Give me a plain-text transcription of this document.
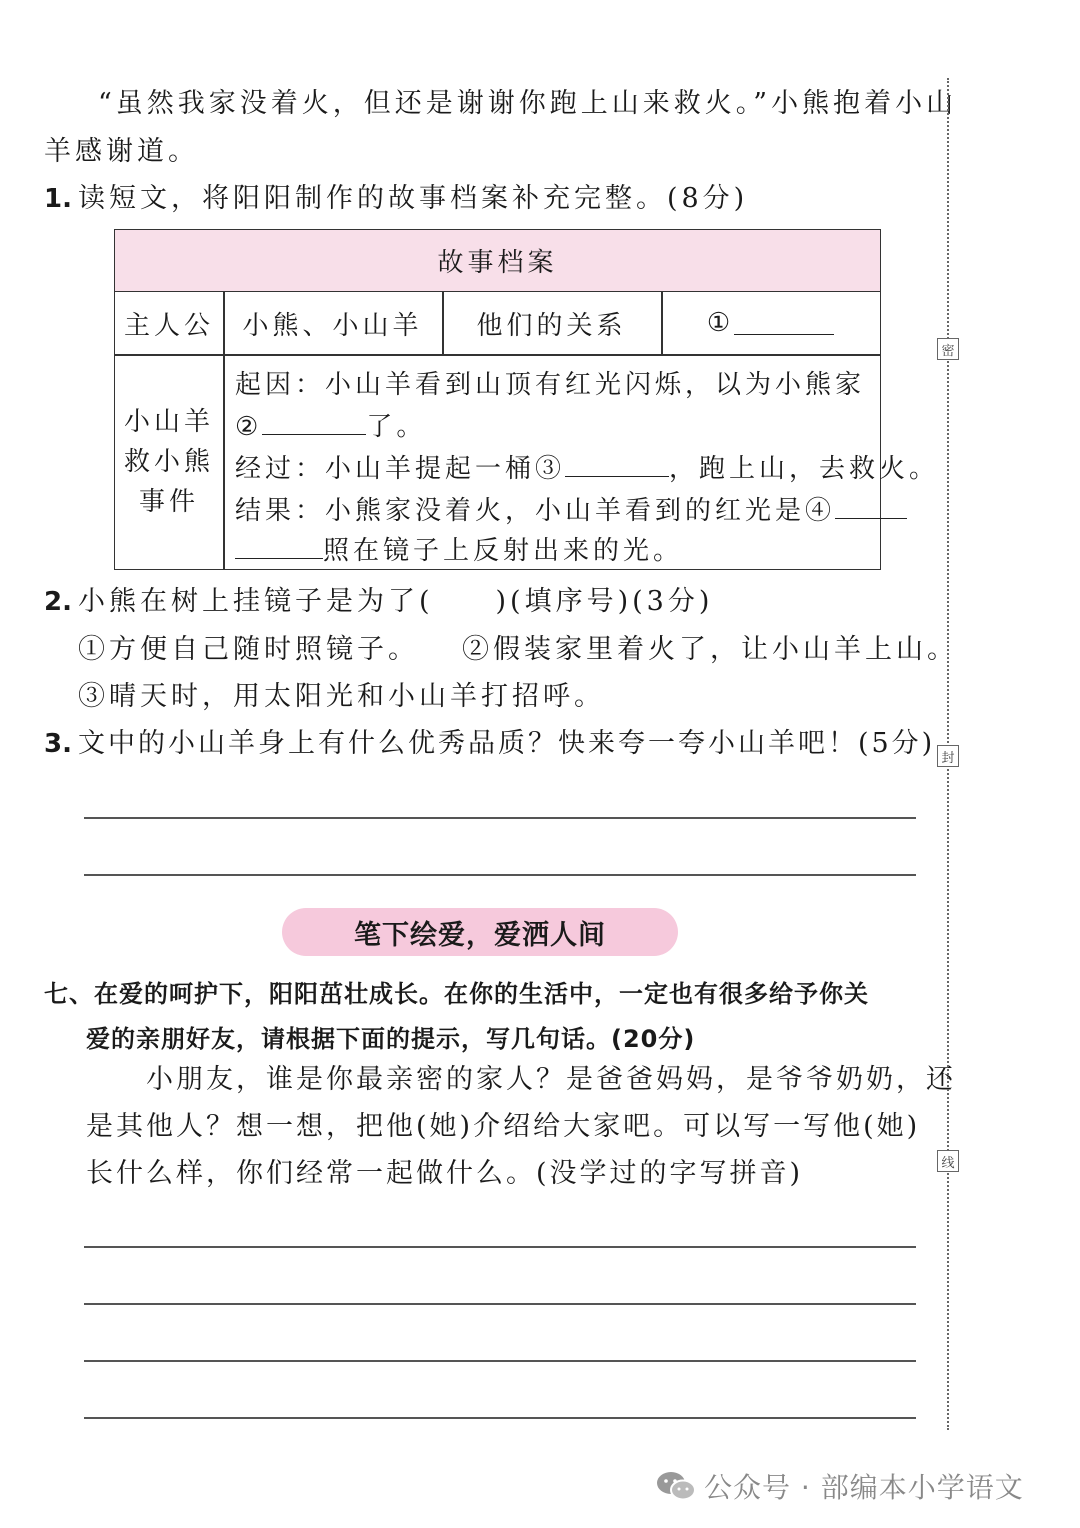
“虽然我家没着火，但还是谢谢你跑上山来救火。”小熊抱着小山
羊感谢道。
1. 读短文，将阳阳制作的故事档案补充完整。(8分)
故事档案
主人公	小熊、小山羊	他们的关系	①
小山羊
救小熊
事件
起因：小山羊看到山顶有红光闪烁，以为小熊家
②	了。
经过：小山羊提起一桶③	，跑上山，去救火。
结果：小熊家没着火，小山羊看到的红光是④
照在镜子上反射出来的光。
2. 小熊在树上挂镜子是为了(　　)(填序号)(3分)
①方便自己随时照镜子。 ②假装家里着火了，让小山羊上山。
③晴天时，用太阳光和小山羊打招呼。
3. 文中的小山羊身上有什么优秀品质？快来夸一夸小山羊吧！(5分)
笔下绘爱，爱洒人间
七、在爱的呵护下，阳阳茁壮成长。在你的生活中，一定也有很多给予你关
爱的亲朋好友，请根据下面的提示，写几句话。(20分)
小朋友，谁是你最亲密的家人？是爸爸妈妈，是爷爷奶奶，还
是其他人？想一想，把他(她)介绍给大家吧。可以写一写他(她)
长什么样，你们经常一起做什么。(没学过的字写拼音)
密
封
线
公众号 · 部编本小学语文
